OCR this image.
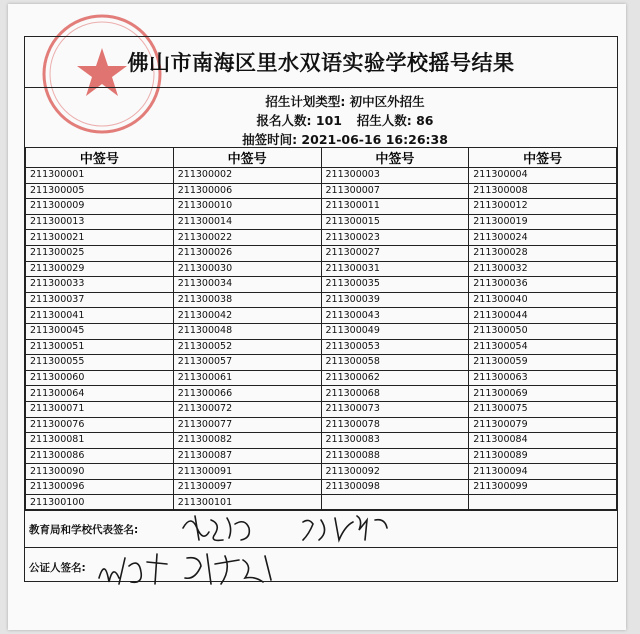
佛山市南海区里水双语实验学校摇号结果
招生计划类型: 初中区外招生
报名人数: 101 招生人数: 86
抽签时间: 2021-06-16 16:26:38
中签号	中签号	中签号	中签号
211300001	211300002	211300003	211300004
211300005	211300006	211300007	211300008
211300009	211300010	211300011	211300012
211300013	211300014	211300015	211300019
211300021	211300022	211300023	211300024
211300025	211300026	211300027	211300028
211300029	211300030	211300031	211300032
211300033	211300034	211300035	211300036
211300037	211300038	211300039	211300040
211300041	211300042	211300043	211300044
211300045	211300048	211300049	211300050
211300051	211300052	211300053	211300054
211300055	211300057	211300058	211300059
211300060	211300061	211300062	211300063
211300064	211300066	211300068	211300069
211300071	211300072	211300073	211300075
211300076	211300077	211300078	211300079
211300081	211300082	211300083	211300084
211300086	211300087	211300088	211300089
211300090	211300091	211300092	211300094
211300096	211300097	211300098	211300099
211300100	211300101		
教育局和学校代表签名:
公证人签名:
